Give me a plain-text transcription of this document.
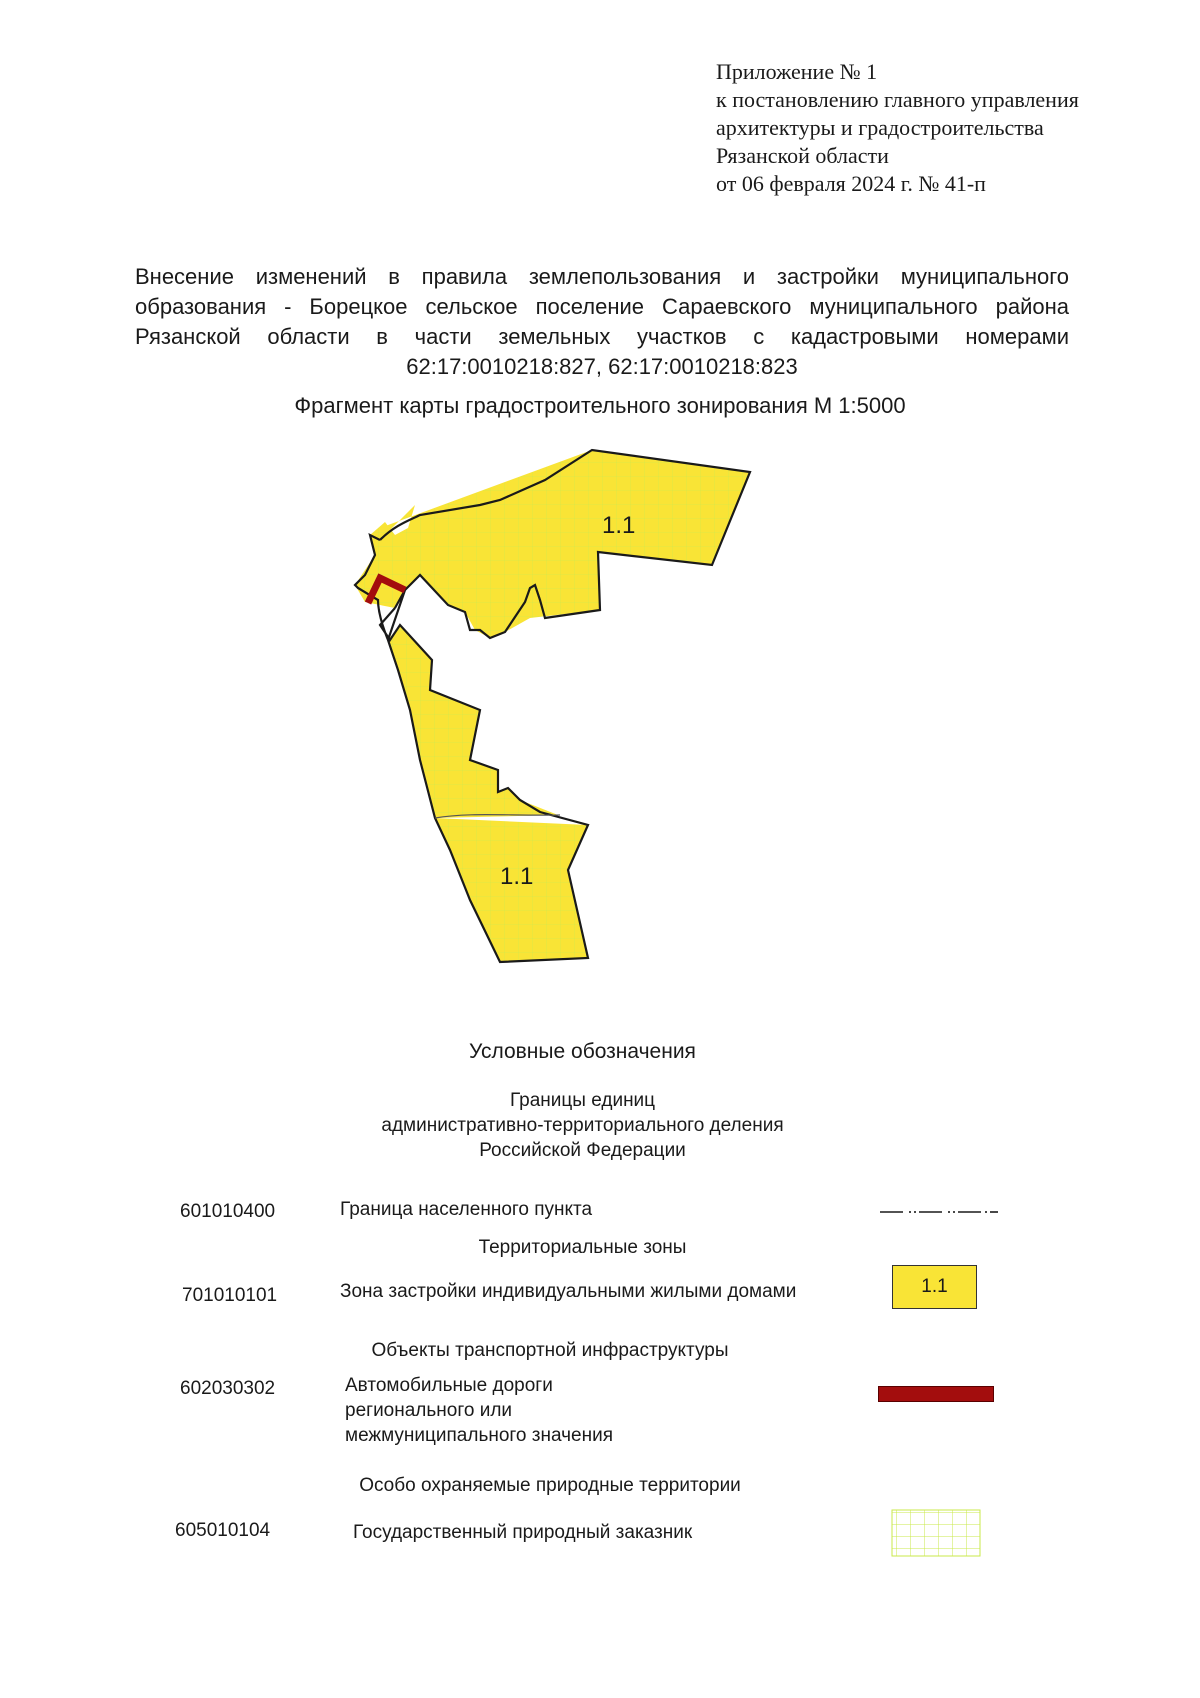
Приложение № 1
к постановлению главного управления
архитектуры и градостроительства
Рязанской области
от 06 февраля 2024 г. № 41-п
Внесение изменений в правила землепользования и застройки муниципального образования - Борецкое сельское поселение Сараевского муниципального района Рязанской области в части земельных участков с кадастровыми номерами 62:17:0010218:827, 62:17:0010218:823
Фрагмент карты градостроительного зонирования М 1:5000
1.1
1.1
Условные обозначения
Границы единиц
административно-территориального деления
Российской Федерации
601010400	Граница населенного пункта
Территориальные зоны
701010101	Зона застройки индивидуальными жилыми домами	1.1
Объекты транспортной инфраструктуры
602030302	Автомобильные дороги
регионального или
межмуниципального значения
Особо охраняемые природные территории
605010104	Государственный природный заказник
